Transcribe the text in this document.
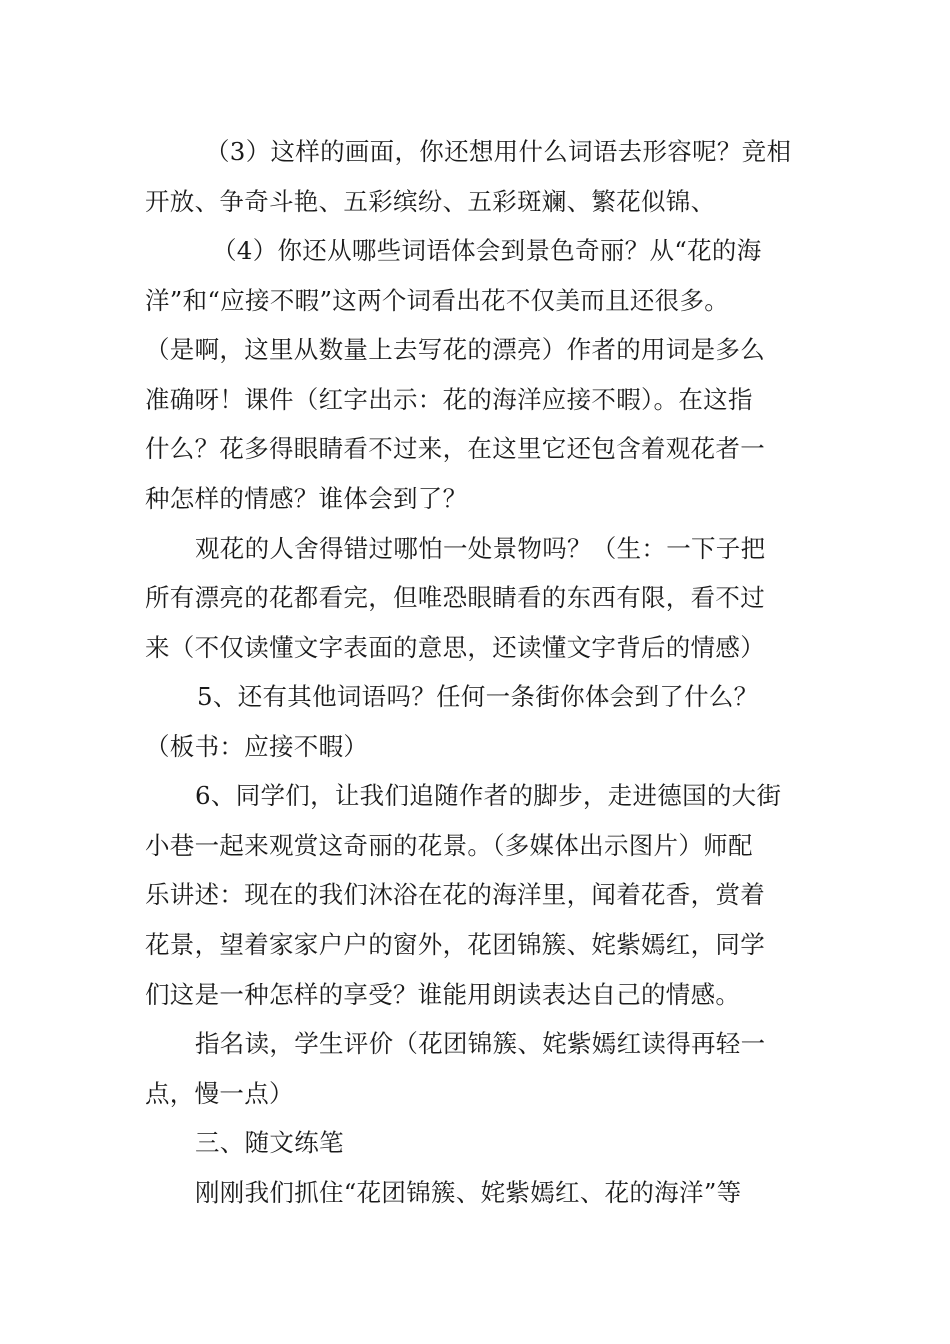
（3）这样的画面，你还想用什么词语去形容呢？竞相
开放、争奇斗艳、五彩缤纷、五彩斑斓、繁花似锦、
（4）你还从哪些词语体会到景色奇丽？从“花的海
洋”和“应接不暇”这两个词看出花不仅美而且还很多。
（是啊，这里从数量上去写花的漂亮）作者的用词是多么
准确呀！课件（红字出示：花的海洋应接不暇）。在这指
什么？花多得眼睛看不过来，在这里它还包含着观花者一
种怎样的情感？谁体会到了？
观花的人舍得错过哪怕一处景物吗？（生：一下子把
所有漂亮的花都看完，但唯恐眼睛看的东西有限，看不过
来（不仅读懂文字表面的意思，还读懂文字背后的情感）
5、还有其他词语吗？任何一条街你体会到了什么？
（板书：应接不暇）
6、同学们，让我们追随作者的脚步，走进德国的大街
小巷一起来观赏这奇丽的花景。（多媒体出示图片）师配
乐讲述：现在的我们沐浴在花的海洋里，闻着花香，赏着
花景，望着家家户户的窗外，花团锦簇、姹紫嫣红，同学
们这是一种怎样的享受？谁能用朗读表达自己的情感。
指名读，学生评价（花团锦簇、姹紫嫣红读得再轻一
点，慢一点）
三、随文练笔
刚刚我们抓住“花团锦簇、姹紫嫣红、花的海洋”等
